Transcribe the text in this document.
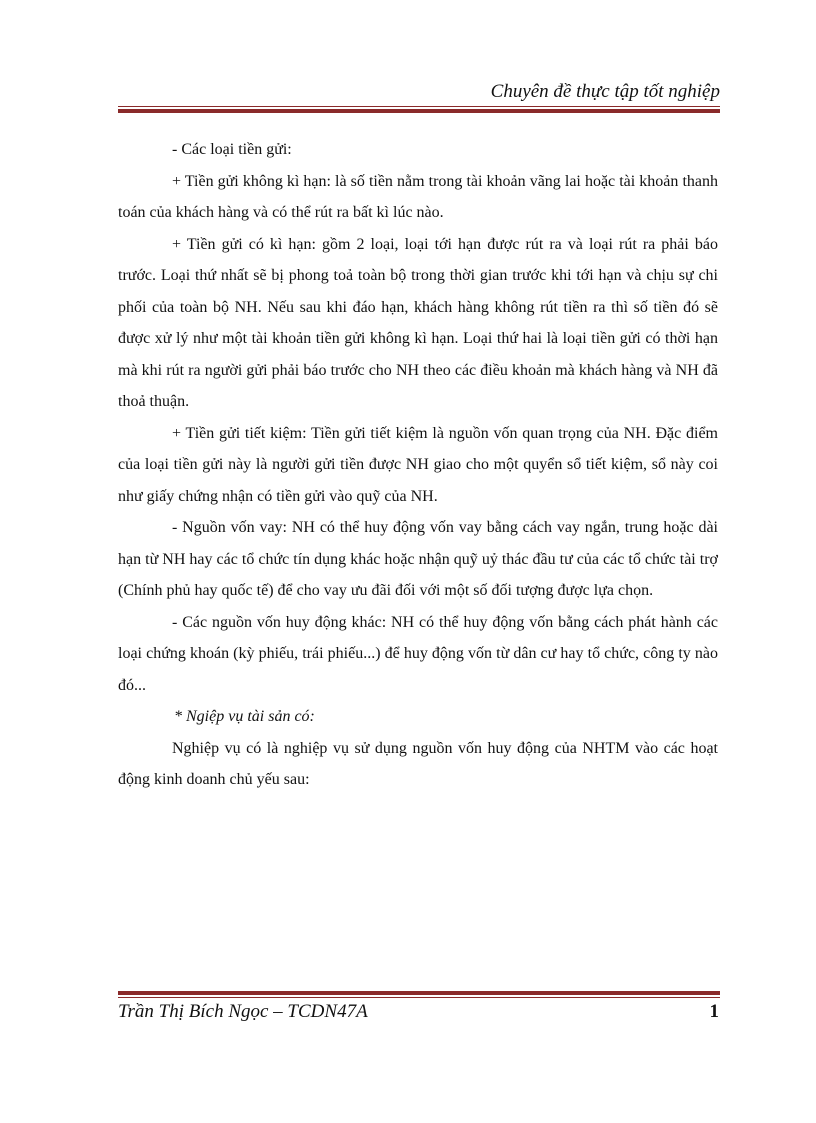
Chuyên đề thực tập tốt nghiệp

- Các loại tiền gửi:

+ Tiền gửi không kì hạn: là số tiền nằm trong tài khoản vãng lai hoặc tài khoản thanh toán của khách hàng và có thể rút ra bất kì lúc nào.

+ Tiền gửi có kì hạn: gồm 2 loại, loại tới hạn được rút ra và loại rút ra phải báo trước. Loại thứ nhất sẽ bị phong toả toàn bộ trong thời gian trước khi tới hạn và chịu sự chi phối của toàn bộ NH. Nếu sau khi đáo hạn, khách hàng không rút tiền ra thì số tiền đó sẽ được xử lý như một tài khoản tiền gửi không kì hạn. Loại thứ hai là loại tiền gửi có thời hạn mà khi rút ra người gửi phải báo trước cho NH theo các điều khoản mà khách hàng và NH đã thoả thuận.

+ Tiền gửi tiết kiệm: Tiền gửi tiết kiệm là nguồn vốn quan trọng của NH. Đặc điểm của loại tiền gửi này là người gửi tiền được NH giao cho một quyển sổ tiết kiệm, sổ này coi như giấy chứng nhận có tiền gửi vào quỹ của NH.

- Nguồn vốn vay: NH có thể huy động vốn vay bằng cách vay ngắn, trung hoặc dài hạn từ NH hay các tổ chức tín dụng khác hoặc nhận quỹ uỷ thác đầu tư của các tổ chức tài trợ (Chính phủ hay quốc tế) để cho vay ưu đãi đối với một số đối tượng được lựa chọn.

- Các nguồn vốn huy động khác: NH có thể huy động vốn bằng cách phát hành các loại chứng khoán (kỳ phiếu, trái phiếu...) để huy động vốn từ dân cư hay tổ chức, công ty nào đó...

* Ngiệp vụ tài sản có:

Nghiệp vụ có là nghiệp vụ sử dụng nguồn vốn huy động của NHTM vào các hoạt động kinh doanh chủ yếu sau:

Trần Thị Bích Ngọc – TCDN47A	1
